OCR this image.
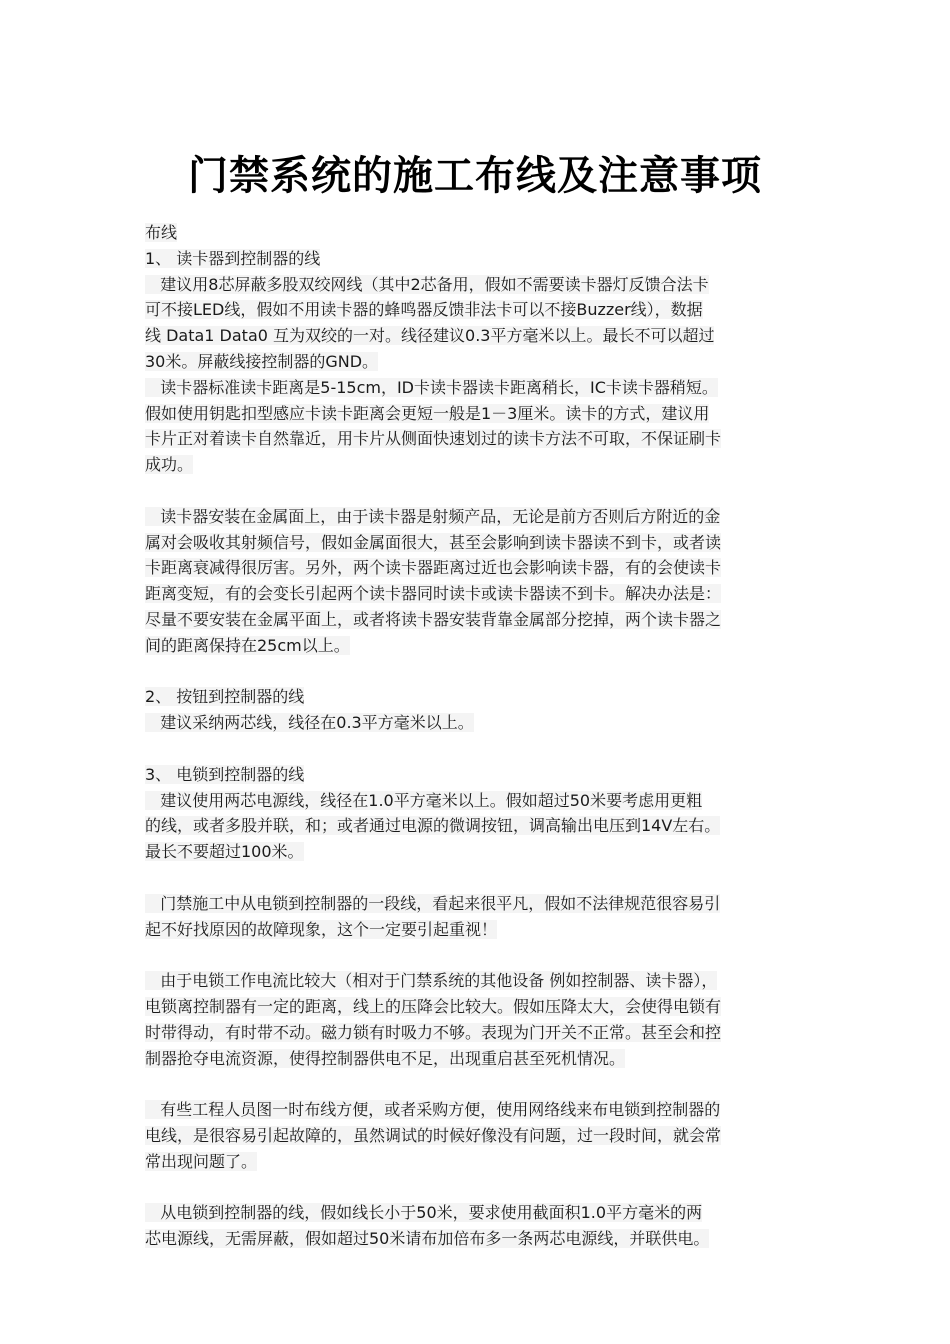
门禁系统的施工布线及注意事项
布线
1、 读卡器到控制器的线
建议用8芯屏蔽多股双绞网线（其中2芯备用，假如不需要读卡器灯反馈合法卡
可不接LED线，假如不用读卡器的蜂鸣器反馈非法卡可以不接Buzzer线），数据
线 Data1 Data0 互为双绞的一对。线径建议0.3平方毫米以上。最长不可以超过
30米。屏蔽线接控制器的GND。
读卡器标准读卡距离是5-15cm，ID卡读卡器读卡距离稍长，IC卡读卡器稍短。
假如使用钥匙扣型感应卡读卡距离会更短一般是1－3厘米。读卡的方式，建议用
卡片正对着读卡自然靠近，用卡片从侧面快速划过的读卡方法不可取，不保证刷卡
成功。
读卡器安装在金属面上，由于读卡器是射频产品，无论是前方否则后方附近的金
属对会吸收其射频信号，假如金属面很大，甚至会影响到读卡器读不到卡，或者读
卡距离衰减得很厉害。另外，两个读卡器距离过近也会影响读卡器，有的会使读卡
距离变短，有的会变长引起两个读卡器同时读卡或读卡器读不到卡。解决办法是：
尽量不要安装在金属平面上，或者将读卡器安装背靠金属部分挖掉，两个读卡器之
间的距离保持在25cm以上。
2、 按钮到控制器的线
建议采纳两芯线，线径在0.3平方毫米以上。
3、 电锁到控制器的线
建议使用两芯电源线，线径在1.0平方毫米以上。假如超过50米要考虑用更粗
的线，或者多股并联，和；或者通过电源的微调按钮，调高输出电压到14V左右。
最长不要超过100米。
门禁施工中从电锁到控制器的一段线，看起来很平凡，假如不法律规范很容易引
起不好找原因的故障现象，这个一定要引起重视！
由于电锁工作电流比较大（相对于门禁系统的其他设备 例如控制器、读卡器），
电锁离控制器有一定的距离，线上的压降会比较大。假如压降太大，会使得电锁有
时带得动，有时带不动。磁力锁有时吸力不够。表现为门开关不正常。甚至会和控
制器抢夺电流资源，使得控制器供电不足，出现重启甚至死机情况。
有些工程人员图一时布线方便，或者采购方便，使用网络线来布电锁到控制器的
电线，是很容易引起故障的，虽然调试的时候好像没有问题，过一段时间，就会常
常出现问题了。
从电锁到控制器的线，假如线长小于50米，要求使用截面积1.0平方毫米的两
芯电源线，无需屏蔽，假如超过50米请布加倍布多一条两芯电源线，并联供电。
